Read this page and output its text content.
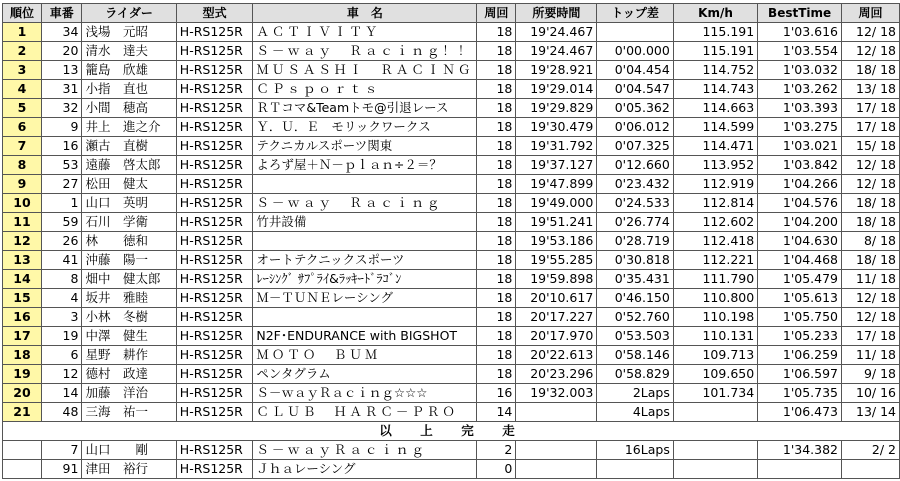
順位	車番	ライダー	型式	車　名	周回	所要時間	トップ差	Km/h	BestTime	周回
1	34	浅場　元昭	H-RS125R	ＡＣＴＩＶＩＴＹ	18	19'24.467		115.191	1'03.616	12/ 18
2	20	清水　達夫	H-RS125R	Ｓ－ｗａｙ　Ｒａｃｉｎｇ！！	18	19'24.467	0'00.000	115.191	1'03.554	12/ 18
3	13	籠島　欣雄	H-RS125R	ＭＵＳＡＳＨＩ　ＲＡＣＩＮＧ	18	19'28.921	0'04.454	114.752	1'03.032	18/ 18
4	31	小指　直也	H-RS125R	ＣＰｓｐｏｒｔｓ	18	19'29.014	0'04.547	114.743	1'03.262	13/ 18
5	32	小間　穂高	H-RS125R	ＲＴコマ&Teamトモ@引退レース	18	19'29.829	0'05.362	114.663	1'03.393	17/ 18
6	9	井上　進之介	H-RS125R	Ｙ．Ｕ．Ｅ　モリックワークス	18	19'30.479	0'06.012	114.599	1'03.275	17/ 18
7	16	瀬古　直樹	H-RS125R	テクニカルスポーツ関東	18	19'31.792	0'07.325	114.471	1'03.021	15/ 18
8	53	遠藤　啓太郎	H-RS125R	よろず屋＋Ｎ－ｐｌａｎ÷２＝？	18	19'37.127	0'12.660	113.952	1'03.842	12/ 18
9	27	松田　健太	H-RS125R		18	19'47.899	0'23.432	112.919	1'04.266	12/ 18
10	1	山口　英明	H-RS125R	Ｓ－ｗａｙ　Ｒａｃｉｎｇ	18	19'49.000	0'24.533	112.814	1'04.576	18/ 18
11	59	石川　学衛	H-RS125R	竹井設備	18	19'51.241	0'26.774	112.602	1'04.200	18/ 18
12	26	林　　徳和	H-RS125R		18	19'53.186	0'28.719	112.418	1'04.630	8/ 18
13	41	沖藤　陽一	H-RS125R	オートテクニックスポーツ	18	19'55.285	0'30.818	112.221	1'04.468	18/ 18
14	8	畑中　健太郎	H-RS125R	ﾚｰｼﾝｸﾞ ｻﾌﾟﾗｲ&ﾗｯｷｰﾄﾞﾗｺﾞﾝ	18	19'59.898	0'35.431	111.790	1'05.479	11/ 18
15	4	坂井　雅睦	H-RS125R	Ｍ－ＴＵＮＥレーシング	18	20'10.617	0'46.150	110.800	1'05.613	12/ 18
16	3	小林　冬樹	H-RS125R		18	20'17.227	0'52.760	110.198	1'05.750	12/ 18
17	19	中澤　健生	H-RS125R	N2F･ENDURANCE with BIGSHOT	18	20'17.970	0'53.503	110.131	1'05.233	17/ 18
18	6	星野　耕作	H-RS125R	ＭＯＴＯ　ＢＵＭ	18	20'22.613	0'58.146	109.713	1'06.259	11/ 18
19	12	德村　政達	H-RS125R	ペンタグラム	18	20'23.296	0'58.829	109.650	1'06.597	9/ 18
20	14	加藤　洋治	H-RS125R	Ｓ－ｗａｙＲａｃｉｎｇ☆☆☆	16	19'32.003	2Laps	101.734	1'05.735	10/ 16
21	48	三海　祐一	H-RS125R	ＣＬＵＢ　ＨＡＲＣ－ＰＲＯ	14		4Laps		1'06.473	13/ 14
以　上　完　走										
	7	山口　　剛	H-RS125R	Ｓ－ｗａｙＲａｃｉｎｇ	2		16Laps		1'34.382	2/ 2
	91	津田　裕行	H-RS125R	Ｊｈａレーシング	0					
